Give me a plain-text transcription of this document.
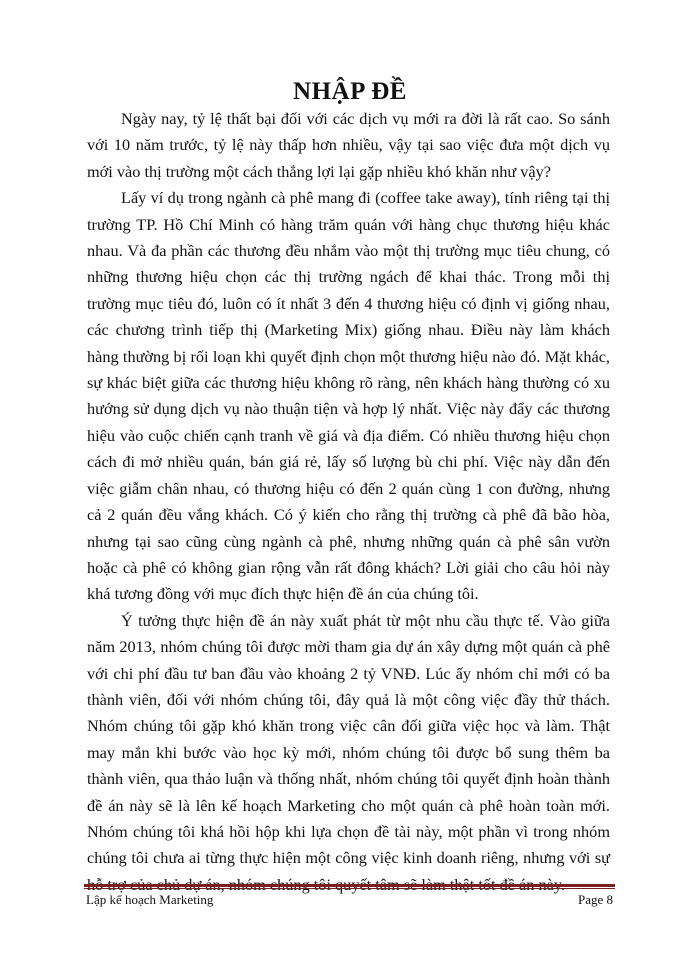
NHẬP ĐỀ

Ngày nay, tỷ lệ thất bại đối với các dịch vụ mới ra đời là rất cao. So sánh với 10 năm trước, tỷ lệ này thấp hơn nhiều, vậy tại sao việc đưa một dịch vụ mới vào thị trường một cách thắng lợi lại gặp nhiều khó khăn như vậy?

Lấy ví dụ trong ngành cà phê mang đi (coffee take away), tính riêng tại thị trường TP. Hồ Chí Minh có hàng trăm quán với hàng chục thương hiệu khác nhau. Và đa phần các thương đều nhắm vào một thị trường mục tiêu chung, có những thương hiệu chọn các thị trường ngách để khai thác. Trong mỗi thị trường mục tiêu đó, luôn có ít nhất 3 đến 4 thương hiệu có định vị giống nhau, các chương trình tiếp thị (Marketing Mix) giống nhau. Điều này làm khách hàng thường bị rối loạn khi quyết định chọn một thương hiệu nào đó. Mặt khác, sự khác biệt giữa các thương hiệu không rõ ràng, nên khách hàng thường có xu hướng sử dụng dịch vụ nào thuận tiện và hợp lý nhất. Việc này đẩy các thương hiệu vào cuộc chiến cạnh tranh về giá và địa điểm. Có nhiều thương hiệu chọn cách đi mở nhiều quán, bán giá rẻ, lấy số lượng bù chi phí. Việc này dẫn đến việc giẫm chân nhau, có thương hiệu có đến 2 quán cùng 1 con đường, nhưng cả 2 quán đều vắng khách. Có ý kiến cho rằng thị trường cà phê đã bão hòa, nhưng tại sao cũng cùng ngành cà phê, nhưng những quán cà phê sân vườn hoặc cà phê có không gian rộng vẫn rất đông khách? Lời giải cho câu hỏi này khá tương đồng với mục đích thực hiện đề án của chúng tôi.

Ý tưởng thực hiện đề án này xuất phát từ một nhu cầu thực tế. Vào giữa năm 2013, nhóm chúng tôi được mời tham gia dự án xây dựng một quán cà phê với chi phí đầu tư ban đầu vào khoảng 2 tỷ VNĐ. Lúc ấy nhóm chỉ mới có ba thành viên, đối với nhóm chúng tôi, đây quả là một công việc đầy thử thách. Nhóm chúng tôi gặp khó khăn trong việc cân đối giữa việc học và làm. Thật may mắn khi bước vào học kỳ mới, nhóm chúng tôi được bổ sung thêm ba thành viên, qua thảo luận và thống nhất, nhóm chúng tôi quyết định hoàn thành đề án này sẽ là lên kế hoạch Marketing cho một quán cà phê hoàn toàn mới. Nhóm chúng tôi khá hồi hộp khi lựa chọn đề tài này, một phần vì trong nhóm chúng tôi chưa ai từng thực hiện một công việc kinh doanh riêng, nhưng với sự

Lập kế hoạch Marketing	Page 8
